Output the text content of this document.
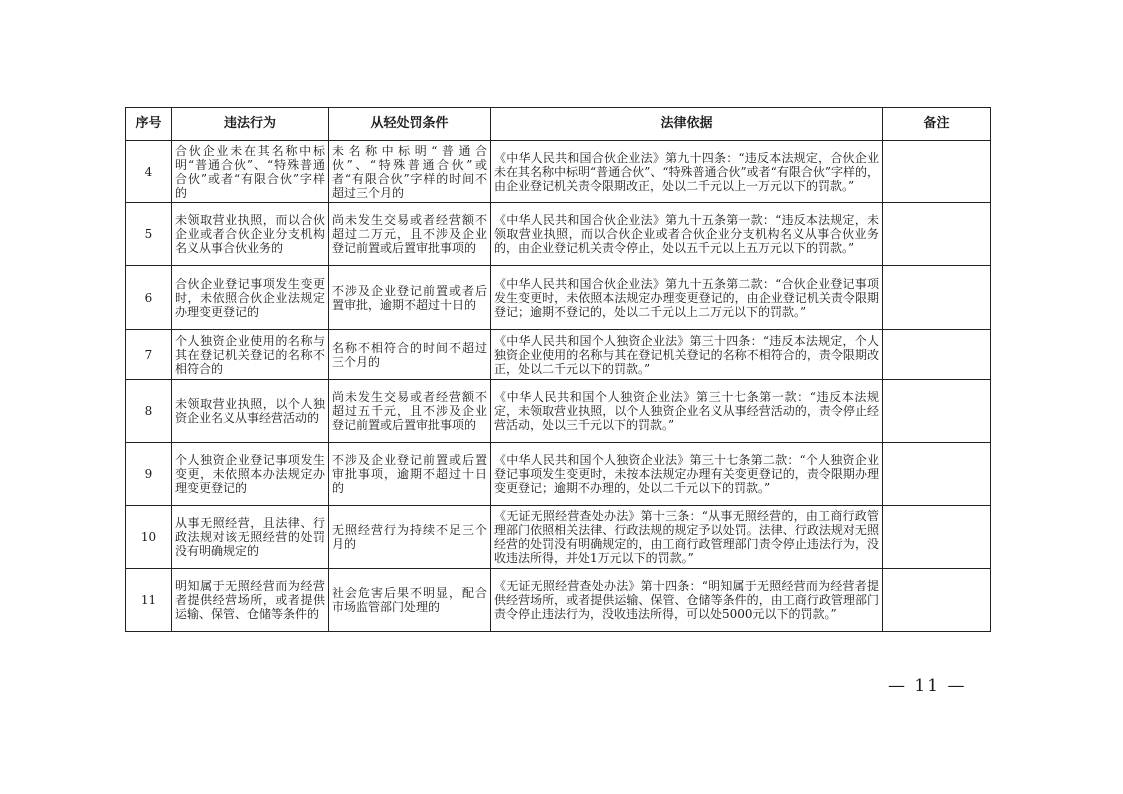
序号	违法行为	从轻处罚条件	法律依据	备注
4	合伙企业未在其名称中标明“普通合伙”、“特殊普通合伙”或者“有限合伙”字样的	未名称中标明“普通合伙”、“特殊普通合伙”或者“有限合伙”字样的时间不超过三个月的	《中华人民共和国合伙企业法》第九十四条：“违反本法规定，合伙企业未在其名称中标明“普通合伙”、“特殊普通合伙”或者“有限合伙”字样的，由企业登记机关责令限期改正，处以二千元以上一万元以下的罚款。”	
5	未领取营业执照，而以合伙企业或者合伙企业分支机构名义从事合伙业务的	尚未发生交易或者经营额不超过二万元，且不涉及企业登记前置或后置审批事项的	《中华人民共和国合伙企业法》第九十五条第一款：“违反本法规定，未领取营业执照，而以合伙企业或者合伙企业分支机构名义从事合伙业务的，由企业登记机关责令停止，处以五千元以上五万元以下的罚款。”	
6	合伙企业登记事项发生变更时，未依照合伙企业法规定办理变更登记的	不涉及企业登记前置或者后置审批，逾期不超过十日的	《中华人民共和国合伙企业法》第九十五条第二款：“合伙企业登记事项发生变更时，未依照本法规定办理变更登记的，由企业登记机关责令限期登记；逾期不登记的，处以二千元以上二万元以下的罚款。”	
7	个人独资企业使用的名称与其在登记机关登记的名称不相符合的	名称不相符合的时间不超过三个月的	《中华人民共和国个人独资企业法》第三十四条：“违反本法规定，个人独资企业使用的名称与其在登记机关登记的名称不相符合的，责令限期改正，处以二千元以下的罚款。”	
8	未领取营业执照，以个人独资企业名义从事经营活动的	尚未发生交易或者经营额不超过五千元，且不涉及企业登记前置或后置审批事项的	《中华人民共和国个人独资企业法》第三十七条第一款：“违反本法规定，未领取营业执照，以个人独资企业名义从事经营活动的，责令停止经营活动，处以三千元以下的罚款。”	
9	个人独资企业登记事项发生变更，未依照本办法规定办理变更登记的	不涉及企业登记前置或后置审批事项，逾期不超过十日的	《中华人民共和国个人独资企业法》第三十七条第二款：“个人独资企业登记事项发生变更时，未按本法规定办理有关变更登记的，责令限期办理变更登记；逾期不办理的，处以二千元以下的罚款。”	
10	从事无照经营，且法律、行政法规对该无照经营的处罚没有明确规定的	无照经营行为持续不足三个月的	《无证无照经营查处办法》第十三条：“从事无照经营的，由工商行政管理部门依照相关法律、行政法规的规定予以处罚。法律、行政法规对无照经营的处罚没有明确规定的，由工商行政管理部门责令停止违法行为，没收违法所得，并处1万元以下的罚款。”	
11	明知属于无照经营而为经营者提供经营场所，或者提供运输、保管、仓储等条件的	社会危害后果不明显，配合市场监管部门处理的	《无证无照经营查处办法》第十四条：“明知属于无照经营而为经营者提供经营场所，或者提供运输、保管、仓储等条件的，由工商行政管理部门责令停止违法行为，没收违法所得，可以处5000元以下的罚款。”	
— 11 —
